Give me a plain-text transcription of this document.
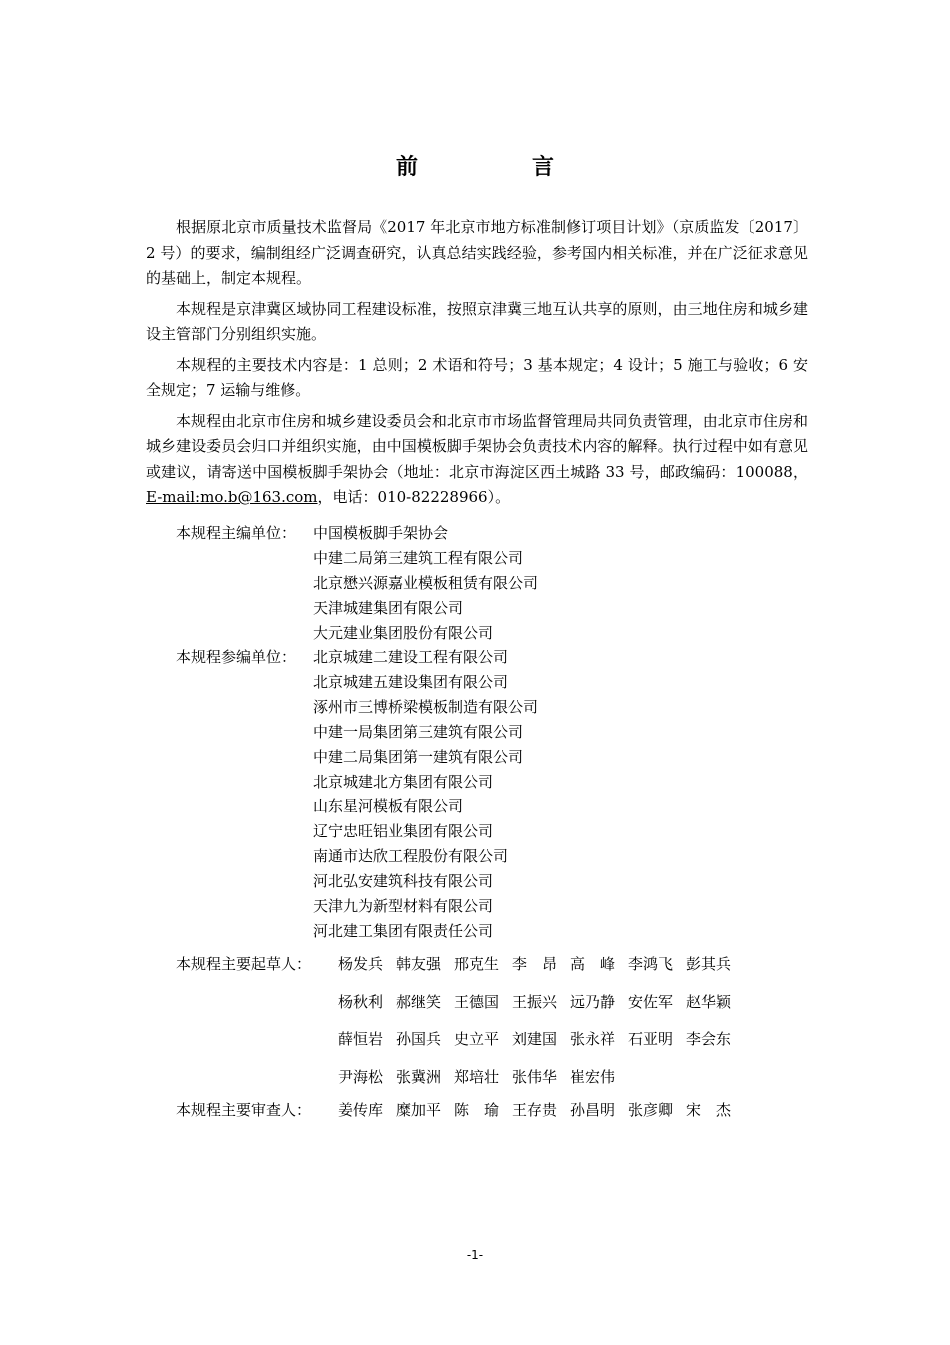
前　言

根据原北京市质量技术监督局《2017 年北京市地方标准制修订项目计划》（京质监发〔2017〕2 号）的要求，编制组经广泛调查研究，认真总结实践经验，参考国内相关标准，并在广泛征求意见的基础上，制定本规程。

本规程是京津冀区域协同工程建设标准，按照京津冀三地互认共享的原则，由三地住房和城乡建设主管部门分别组织实施。

本规程的主要技术内容是：1 总则；2 术语和符号；3 基本规定；4 设计；5 施工与验收；6 安全规定；7 运输与维修。

本规程由北京市住房和城乡建设委员会和北京市市场监督管理局共同负责管理，由北京市住房和城乡建设委员会归口并组织实施，由中国模板脚手架协会负责技术内容的解释。执行过程中如有意见或建议，请寄送中国模板脚手架协会（地址：北京市海淀区西土城路 33 号，邮政编码：100088，E-mail:mo.b@163.com，电话：010-82228966）。

本规程主编单位：	中国模板脚手架协会
中建二局第三建筑工程有限公司
北京懋兴源嘉业模板租赁有限公司
天津城建集团有限公司
大元建业集团股份有限公司
本规程参编单位：	北京城建二建设工程有限公司
北京城建五建设集团有限公司
涿州市三博桥梁模板制造有限公司
中建一局集团第三建筑有限公司
中建二局集团第一建筑有限公司
北京城建北方集团有限公司
山东星河模板有限公司
辽宁忠旺铝业集团有限公司
南通市达欣工程股份有限公司
河北弘安建筑科技有限公司
天津九为新型材料有限公司
河北建工集团有限责任公司
本规程主要起草人：	杨发兵 韩友强 邢克生 李　昂 高　峰 李鸿飞 彭其兵
杨秋利 郝继笑 王德国 王振兴 远乃静 安佐军 赵华颖
薛恒岩 孙国兵 史立平 刘建国 张永祥 石亚明 李会东
尹海松 张冀洲 郑培壮 张伟华 崔宏伟
本规程主要审查人：	姜传库 糜加平 陈　瑜 王存贵 孙昌明 张彦卿 宋　杰
-1-
